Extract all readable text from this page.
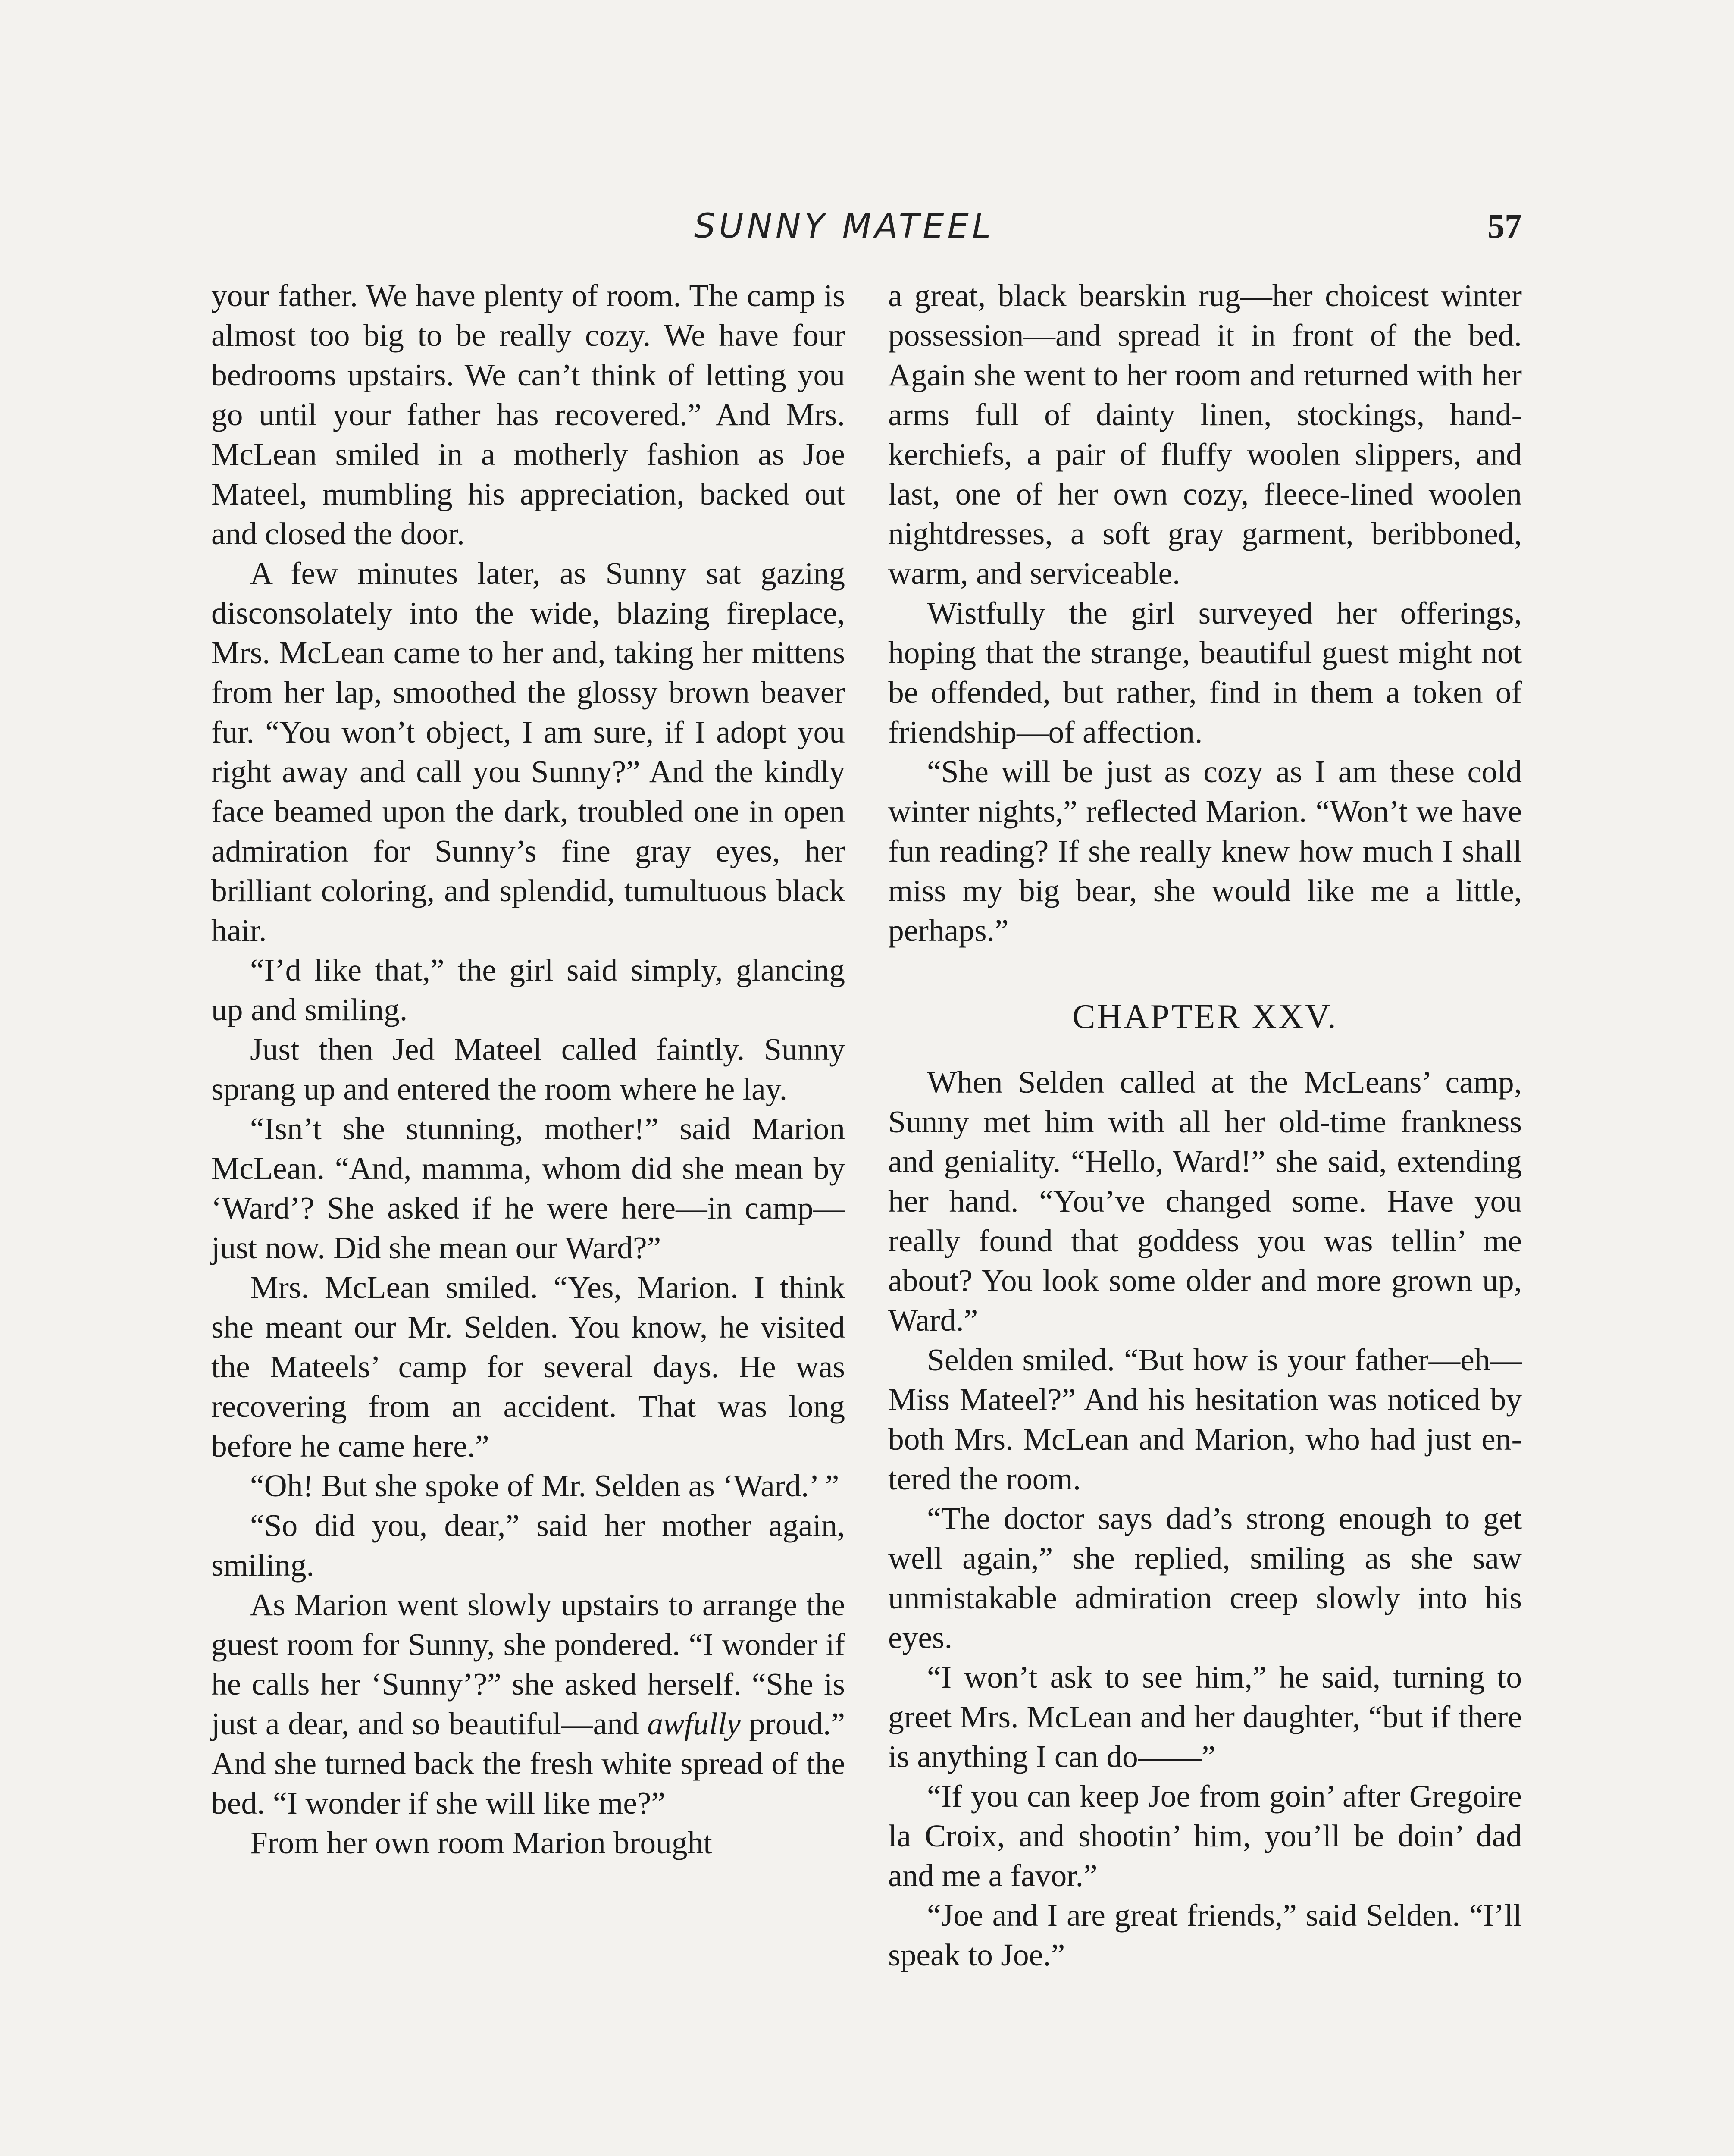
SUNNY MATEEL	57

your father. We have plenty of room. The camp is almost too big to be really cozy. We have four bedrooms upstairs. We can’t think of letting you go until your father has recovered.” And Mrs. McLean smiled in a motherly fashion as Joe Mateel, mumbling his appreciation, backed out and closed the door.

A few minutes later, as Sunny sat gazing disconsolately into the wide, blazing fireplace, Mrs. McLean came to her and, taking her mittens from her lap, smoothed the glossy brown beaver fur. “You won’t object, I am sure, if I adopt you right away and call you Sunny?” And the kindly face beamed upon the dark, troubled one in open admiration for Sunny’s fine gray eyes, her brilliant coloring, and splendid, tumultuous black hair.

“I’d like that,” the girl said simply, glancing up and smiling.

Just then Jed Mateel called faintly. Sunny sprang up and entered the room where he lay.

“Isn’t she stunning, mother!” said Marion McLean. “And, mamma, whom did she mean by ‘Ward’? She asked if he were here—in camp—just now. Did she mean our Ward?”

Mrs. McLean smiled. “Yes, Marion. I think she meant our Mr. Selden. You know, he visited the Mateels’ camp for several days. He was recovering from an accident. That was long before he came here.”

“Oh! But she spoke of Mr. Selden as ‘Ward.’ ”

“So did you, dear,” said her mother again, smiling.

As Marion went slowly upstairs to arrange the guest room for Sunny, she pondered. “I wonder if he calls her ‘Sunny’?” she asked herself. “She is just a dear, and so beautiful—and awfully proud.” And she turned back the fresh white spread of the bed. “I wonder if she will like me?”

From her own room Marion brought

a great, black bearskin rug—her choicest winter possession—and spread it in front of the bed. Again she went to her room and returned with her arms full of dainty linen, stockings, handkerchiefs, a pair of fluffy woolen slippers, and last, one of her own cozy, fleece-lined woolen nightdresses, a soft gray garment, beribboned, warm, and serviceable.

Wistfully the girl surveyed her offerings, hoping that the strange, beautiful guest might not be offended, but rather, find in them a token of friendship—of affection.

“She will be just as cozy as I am these cold winter nights,” reflected Marion. “Won’t we have fun reading? If she really knew how much I shall miss my big bear, she would like me a little, perhaps.”

CHAPTER XXV.

When Selden called at the McLeans’ camp, Sunny met him with all her old-time frankness and geniality. “Hello, Ward!” she said, extending her hand. “You’ve changed some. Have you really found that goddess you was tellin’ me about? You look some older and more grown up, Ward.”

Selden smiled. “But how is your father—eh—Miss Mateel?” And his hesitation was noticed by both Mrs. McLean and Marion, who had just entered the room.

“The doctor says dad’s strong enough to get well again,” she replied, smiling as she saw unmistakable admiration creep slowly into his eyes.

“I won’t ask to see him,” he said, turning to greet Mrs. McLean and her daughter, “but if there is anything I can do——”

“If you can keep Joe from goin’ after Gregoire la Croix, and shootin’ him, you’ll be doin’ dad and me a favor.”

“Joe and I are great friends,” said Selden. “I’ll speak to Joe.”
